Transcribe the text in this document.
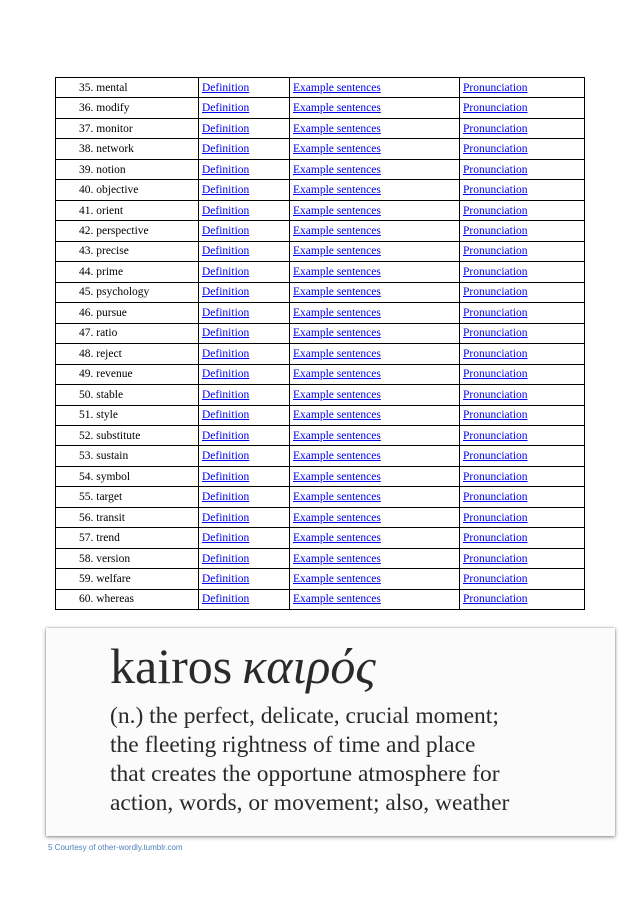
35. mental	Definition	Example sentences	Pronunciation
36. modify	Definition	Example sentences	Pronunciation
37. monitor	Definition	Example sentences	Pronunciation
38. network	Definition	Example sentences	Pronunciation
39. notion	Definition	Example sentences	Pronunciation
40. objective	Definition	Example sentences	Pronunciation
41. orient	Definition	Example sentences	Pronunciation
42. perspective	Definition	Example sentences	Pronunciation
43. precise	Definition	Example sentences	Pronunciation
44. prime	Definition	Example sentences	Pronunciation
45. psychology	Definition	Example sentences	Pronunciation
46. pursue	Definition	Example sentences	Pronunciation
47. ratio	Definition	Example sentences	Pronunciation
48. reject	Definition	Example sentences	Pronunciation
49. revenue	Definition	Example sentences	Pronunciation
50. stable	Definition	Example sentences	Pronunciation
51. style	Definition	Example sentences	Pronunciation
52. substitute	Definition	Example sentences	Pronunciation
53. sustain	Definition	Example sentences	Pronunciation
54. symbol	Definition	Example sentences	Pronunciation
55. target	Definition	Example sentences	Pronunciation
56. transit	Definition	Example sentences	Pronunciation
57. trend	Definition	Example sentences	Pronunciation
58. version	Definition	Example sentences	Pronunciation
59. welfare	Definition	Example sentences	Pronunciation
60. whereas	Definition	Example sentences	Pronunciation
kairos καιρός

(n.) the perfect, delicate, crucial moment;
the fleeting rightness of time and place
that creates the opportune atmosphere for
action, words, or movement; also, weather

5 Courtesy of other-wordly.tumblr.com
